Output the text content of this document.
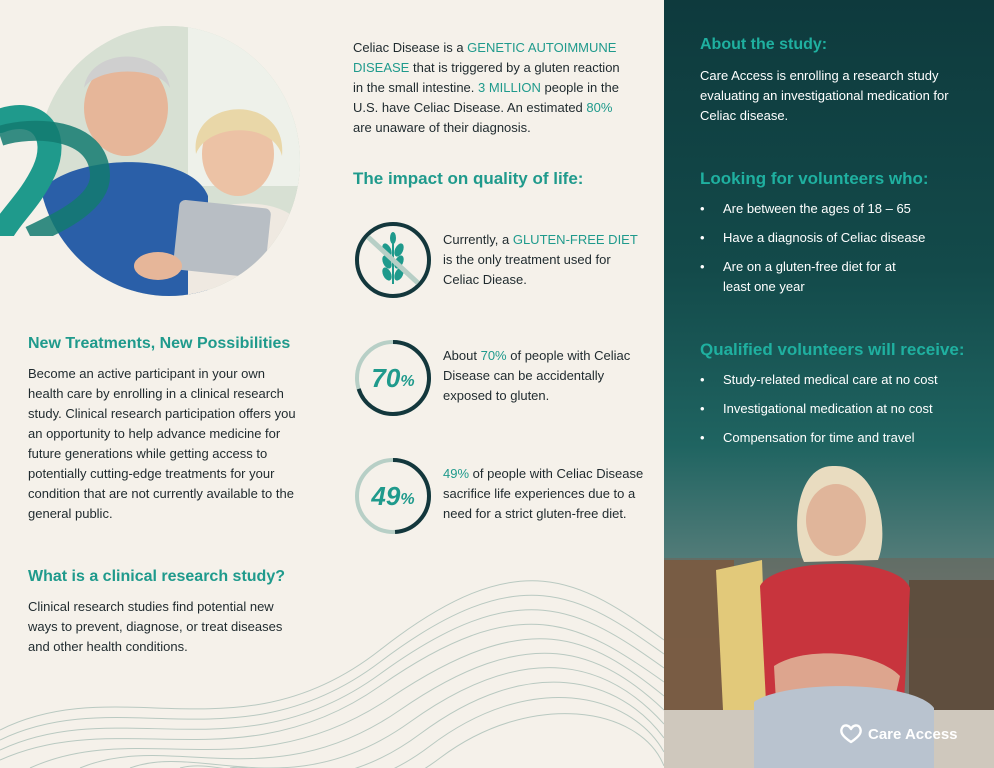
New Treatments, New Possibilities

Become an active participant in your own health care by enrolling in a clinical research study. Clinical research participation offers you an opportunity to help advance medicine for future generations while getting access to potentially cutting-edge treatments for your condition that are not currently available to the general public.

What is a clinical research study?

Clinical research studies find potential new ways to prevent, diagnose, or treat diseases and other health conditions.

Celiac Disease is a GENETIC AUTOIMMUNE DISEASE that is triggered by a gluten reaction in the small intestine. 3 MILLION people in the U.S. have Celiac Disease. An estimated 80% are unaware of their diagnosis.

The impact on quality of life:

Currently, a GLUTEN-FREE DIET is the only treatment used for Celiac Diease.

70 %

About 70% of people with Celiac Disease can be accidentally exposed to gluten.

49 %

49% of people with Celiac Disease sacrifice life experiences due to a need for a strict gluten-free diet.

About the study:

Care Access is enrolling a research study evaluating an investigational medication for Celiac disease.

Looking for volunteers who:
• Are between the ages of 18 – 65
• Have a diagnosis of Celiac disease
• Are on a gluten-free diet for at least one year
Qualified volunteers will receive:
• Study-related medical care at no cost
• Investigational medication at no cost
• Compensation for time and travel
Care Access
